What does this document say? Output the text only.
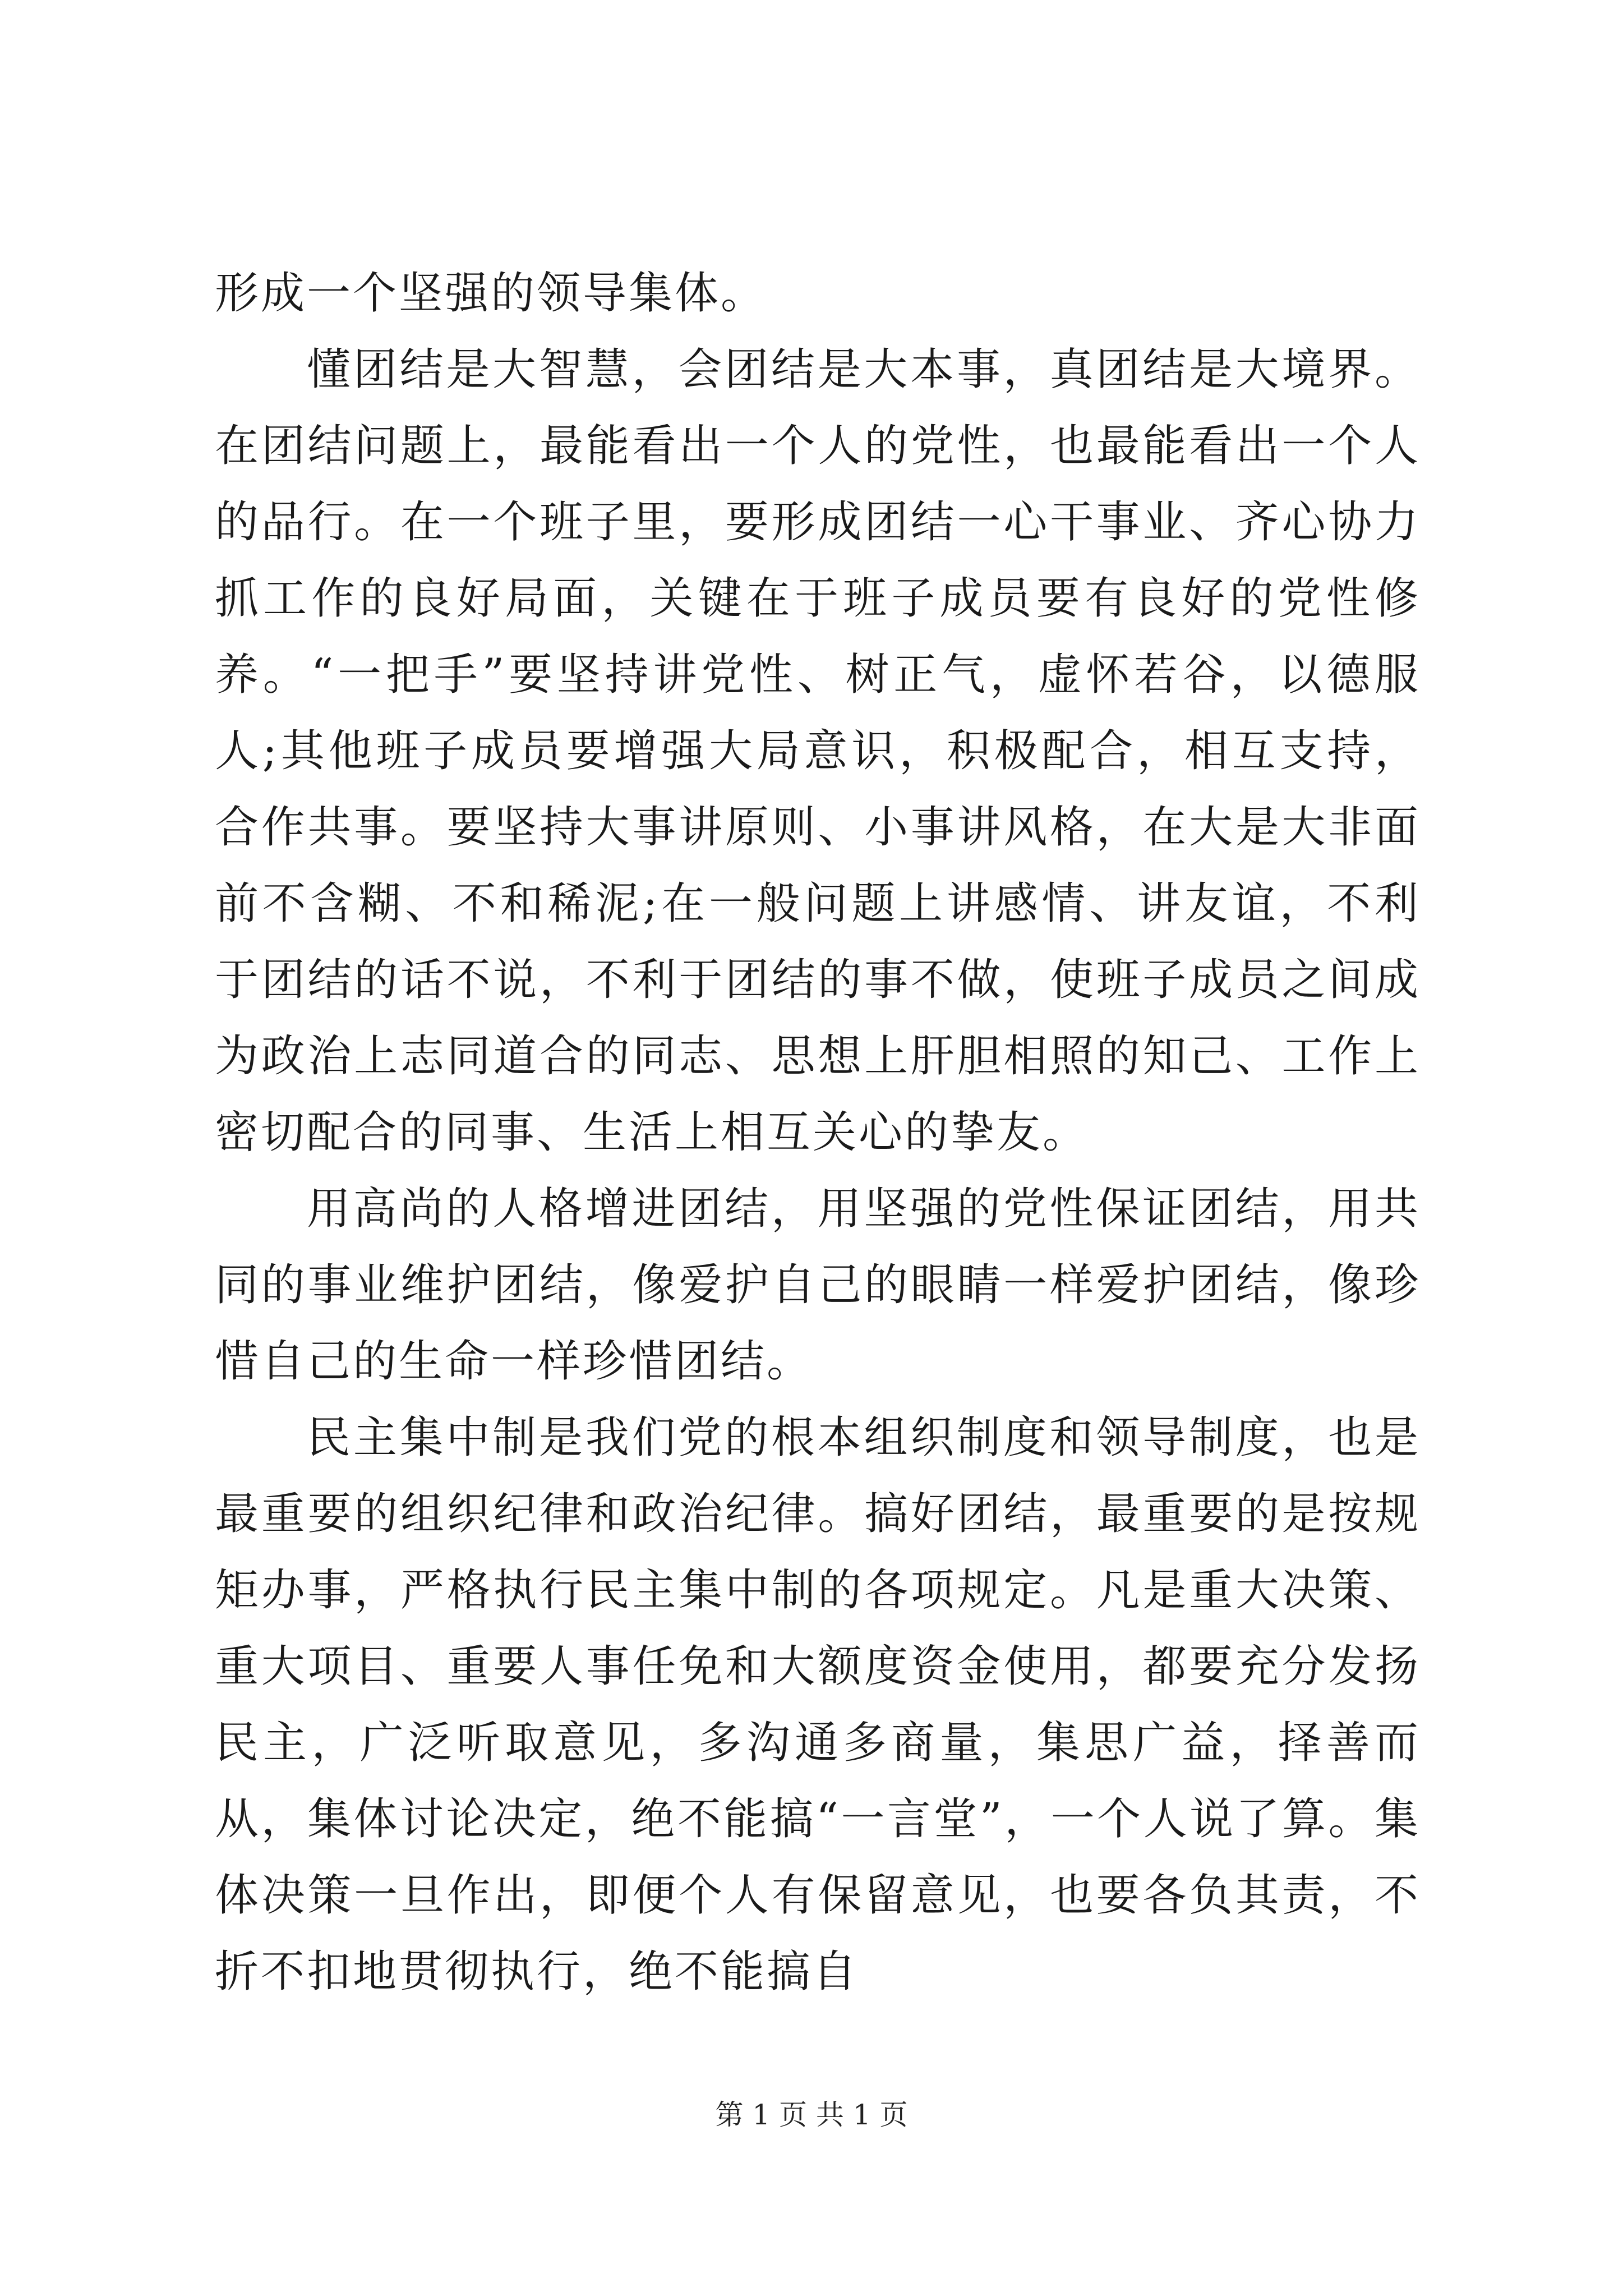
形成一个坚强的领导集体。

懂团结是大智慧，会团结是大本事，真团结是大境界。在团结问题上，最能看出一个人的党性，也最能看出一个人的品行。在一个班子里，要形成团结一心干事业、齐心协力抓工作的良好局面，关键在于班子成员要有良好的党性修养。“一把手”要坚持讲党性、树正气，虚怀若谷，以德服人;其他班子成员要增强大局意识，积极配合，相互支持，合作共事。要坚持大事讲原则、小事讲风格，在大是大非面前不含糊、不和稀泥;在一般问题上讲感情、讲友谊，不利于团结的话不说，不利于团结的事不做，使班子成员之间成为政治上志同道合的同志、思想上肝胆相照的知己、工作上密切配合的同事、生活上相互关心的挚友。

用高尚的人格增进团结，用坚强的党性保证团结，用共同的事业维护团结，像爱护自己的眼睛一样爱护团结，像珍惜自己的生命一样珍惜团结。

民主集中制是我们党的根本组织制度和领导制度，也是最重要的组织纪律和政治纪律。搞好团结，最重要的是按规矩办事，严格执行民主集中制的各项规定。凡是重大决策、重大项目、重要人事任免和大额度资金使用，都要充分发扬民主，广泛听取意见，多沟通多商量，集思广益，择善而从，集体讨论决定，绝不能搞“一言堂”，一个人说了算。集体决策一旦作出，即便个人有保留意见，也要各负其责，不折不扣地贯彻执行，绝不能搞自

第 1 页 共 1 页
